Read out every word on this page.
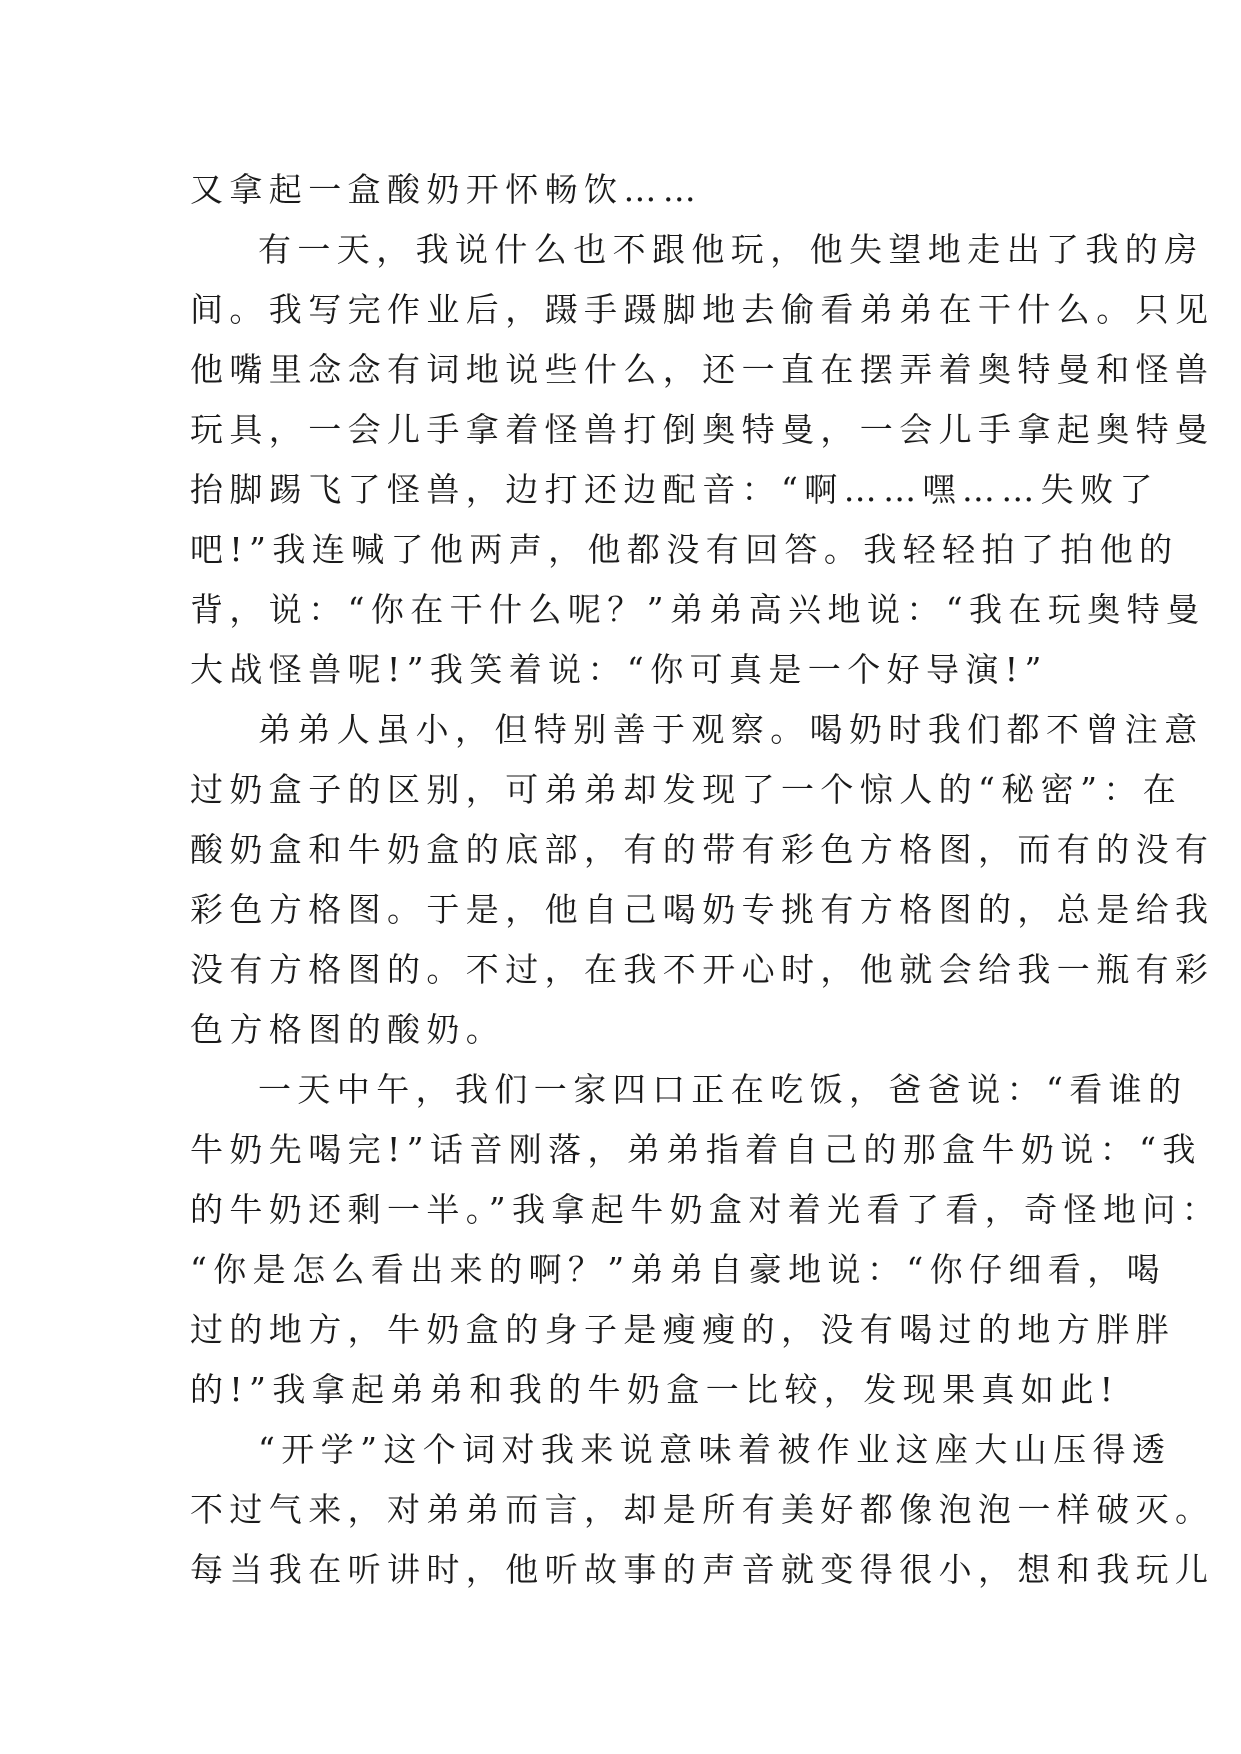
又拿起一盒酸奶开怀畅饮……
有一天，我说什么也不跟他玩，他失望地走出了我的房
间。我写完作业后，蹑手蹑脚地去偷看弟弟在干什么。只见
他嘴里念念有词地说些什么，还一直在摆弄着奥特曼和怪兽
玩具，一会儿手拿着怪兽打倒奥特曼，一会儿手拿起奥特曼
抬脚踢飞了怪兽，边打还边配音：“啊……嘿……失败了
吧!”我连喊了他两声，他都没有回答。我轻轻拍了拍他的
背，说：“你在干什么呢？”弟弟高兴地说：“我在玩奥特曼
大战怪兽呢!”我笑着说：“你可真是一个好导演!”
弟弟人虽小，但特别善于观察。喝奶时我们都不曾注意
过奶盒子的区别，可弟弟却发现了一个惊人的“秘密”：在
酸奶盒和牛奶盒的底部，有的带有彩色方格图，而有的没有
彩色方格图。于是，他自己喝奶专挑有方格图的，总是给我
没有方格图的。不过，在我不开心时，他就会给我一瓶有彩
色方格图的酸奶。
一天中午，我们一家四口正在吃饭，爸爸说：“看谁的
牛奶先喝完!”话音刚落，弟弟指着自己的那盒牛奶说：“我
的牛奶还剩一半。”我拿起牛奶盒对着光看了看，奇怪地问：
“你是怎么看出来的啊？”弟弟自豪地说：“你仔细看，喝
过的地方，牛奶盒的身子是瘦瘦的，没有喝过的地方胖胖
的!”我拿起弟弟和我的牛奶盒一比较，发现果真如此!
“开学”这个词对我来说意味着被作业这座大山压得透
不过气来，对弟弟而言，却是所有美好都像泡泡一样破灭。
每当我在听讲时，他听故事的声音就变得很小，想和我玩儿
